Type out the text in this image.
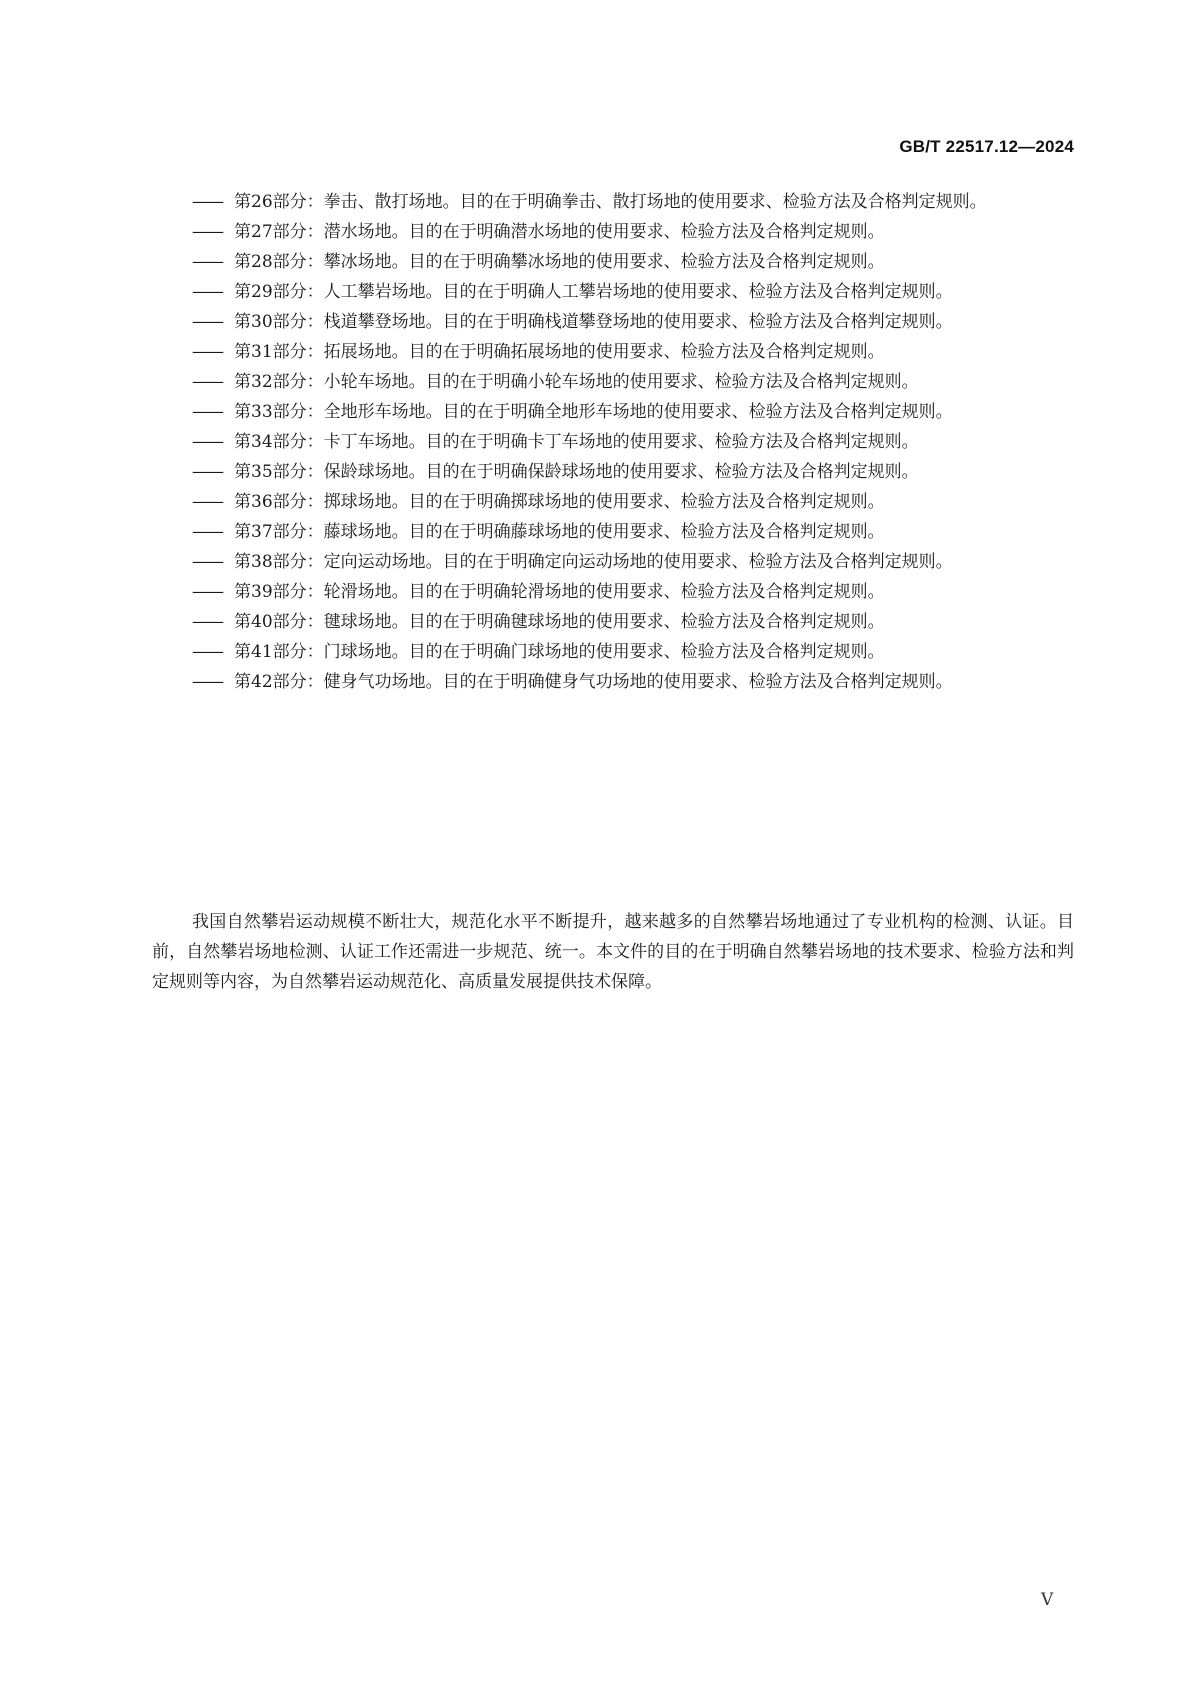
GB/T 22517.12—2024
—— 第26部分：拳击、散打场地。目的在于明确拳击、散打场地的使用要求、检验方法及合格判定规则。
—— 第27部分：潜水场地。目的在于明确潜水场地的使用要求、检验方法及合格判定规则。
—— 第28部分：攀冰场地。目的在于明确攀冰场地的使用要求、检验方法及合格判定规则。
—— 第29部分：人工攀岩场地。目的在于明确人工攀岩场地的使用要求、检验方法及合格判定规则。
—— 第30部分：栈道攀登场地。目的在于明确栈道攀登场地的使用要求、检验方法及合格判定规则。
—— 第31部分：拓展场地。目的在于明确拓展场地的使用要求、检验方法及合格判定规则。
—— 第32部分：小轮车场地。目的在于明确小轮车场地的使用要求、检验方法及合格判定规则。
—— 第33部分：全地形车场地。目的在于明确全地形车场地的使用要求、检验方法及合格判定规则。
—— 第34部分：卡丁车场地。目的在于明确卡丁车场地的使用要求、检验方法及合格判定规则。
—— 第35部分：保龄球场地。目的在于明确保龄球场地的使用要求、检验方法及合格判定规则。
—— 第36部分：掷球场地。目的在于明确掷球场地的使用要求、检验方法及合格判定规则。
—— 第37部分：藤球场地。目的在于明确藤球场地的使用要求、检验方法及合格判定规则。
—— 第38部分：定向运动场地。目的在于明确定向运动场地的使用要求、检验方法及合格判定规则。
—— 第39部分：轮滑场地。目的在于明确轮滑场地的使用要求、检验方法及合格判定规则。
—— 第40部分：毽球场地。目的在于明确毽球场地的使用要求、检验方法及合格判定规则。
—— 第41部分：门球场地。目的在于明确门球场地的使用要求、检验方法及合格判定规则。
—— 第42部分：健身气功场地。目的在于明确健身气功场地的使用要求、检验方法及合格判定规则。

我国自然攀岩运动规模不断壮大，规范化水平不断提升，越来越多的自然攀岩场地通过了专业机构的检测、认证。目前，自然攀岩场地检测、认证工作还需进一步规范、统一。本文件的目的在于明确自然攀岩场地的技术要求、检验方法和判定规则等内容，为自然攀岩运动规范化、高质量发展提供技术保障。

V
